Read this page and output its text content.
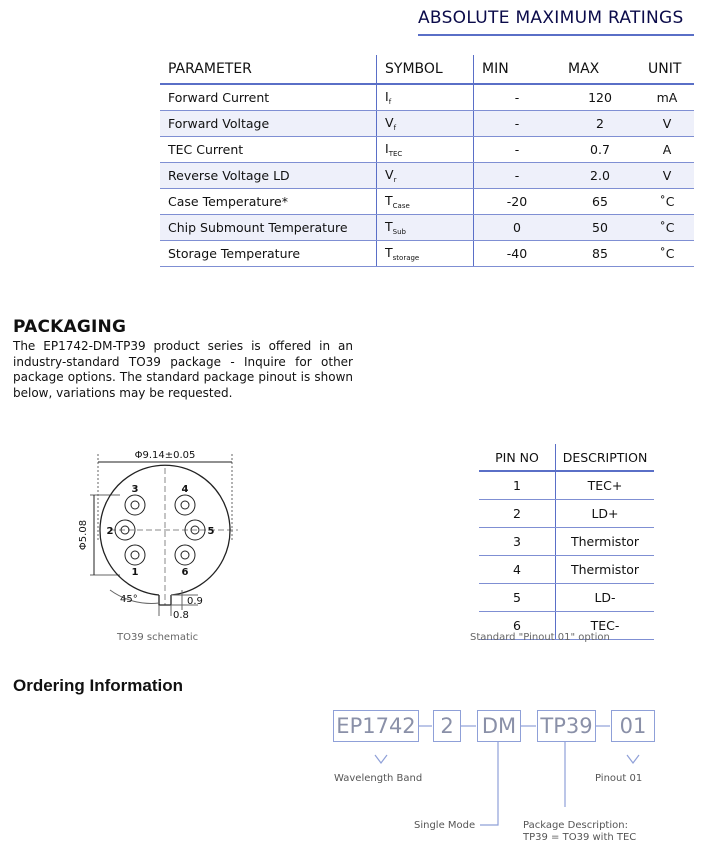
ABSOLUTE MAXIMUM RATINGS
PARAMETER	SYMBOL	MIN	MAX	UNIT
Forward Current	$I_f$	-	120	mA
Forward Voltage	$V_f$	-	2	V
TEC Current	$I_{TEC}$	-	0.7	A
Reverse Voltage LD	$V_r$	-	2.0	V
Case Temperature*	$T_{Case}$	-20	65	˚C
Chip Submount Temperature	$T_{Sub}$	0	50	˚C
Storage Temperature	$T_{storage}$	-40	85	˚C
PACKAGING
The EP1742-DM-TP39 product series is offered in an industry-standard TO39 package - Inquire for other package options. The standard package pinout is shown below, variations may be requested.
Φ9.14±0.05
Φ5.08
3	4
2	5
1	6
45°	0.9
0.8
TO39 schematic
PIN NO	DESCRIPTION
1	TEC+
2	LD+
3	Thermistor
4	Thermistor
5	LD-
6	TEC-
Standard "Pinout 01" option
Ordering Information
EP1742	2	DM TP39	01
Wavelength Band	Pinout 01
Single Mode	Package Description:
TP39 = TO39 with TEC
